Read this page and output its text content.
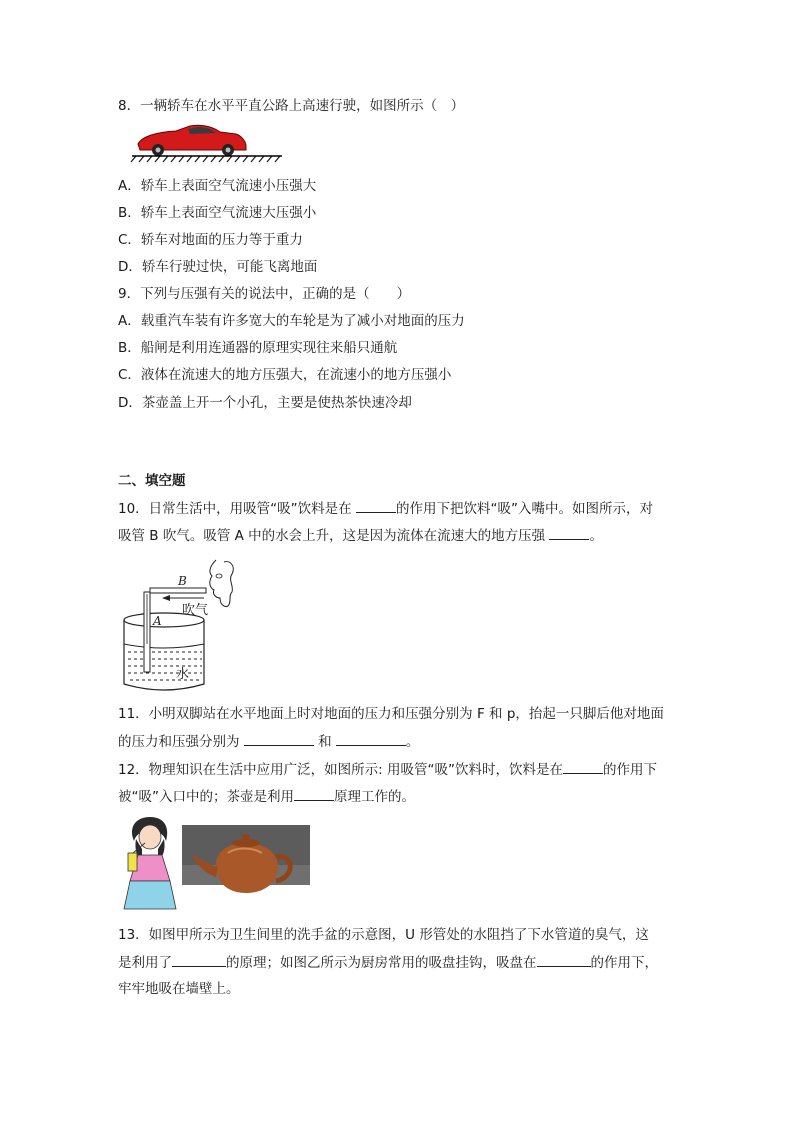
8．一辆轿车在水平平直公路上高速行驶，如图所示（　）
A．轿车上表面空气流速小压强大
B．轿车上表面空气流速大压强小
C．轿车对地面的压力等于重力
D．轿车行驶过快，可能飞离地面
9．下列与压强有关的说法中，正确的是（　　）
A．载重汽车装有许多宽大的车轮是为了减小对地面的压力
B．船闸是利用连通器的原理实现往来船只通航
C．液体在流速大的地方压强大，在流速小的地方压强小
D．茶壶盖上开一个小孔，主要是使热茶快速冷却
二、填空题
10．日常生活中，用吸管“吸”饮料是在	的作用下把饮料“吸”入嘴中。如图所示，对
吸管 B 吹气。吸管 A 中的水会上升，这是因为流体在流速大的地方压强	。
B
A
吹气
水
11．小明双脚站在水平地面上时对地面的压力和压强分别为 F 和 p，抬起一只脚后他对地面
的压力和压强分别为	和	。
12．物理知识在生活中应用广泛，如图所示: 用吸管“吸”饮料时，饮料是在	的作用下
被“吸”入口中的；茶壶是利用	原理工作的。
13．如图甲所示为卫生间里的洗手盆的示意图，U 形管处的水阻挡了下水管道的臭气，这
是利用了	的原理；如图乙所示为厨房常用的吸盘挂钩，吸盘在	的作用下，
牢牢地吸在墙壁上。
